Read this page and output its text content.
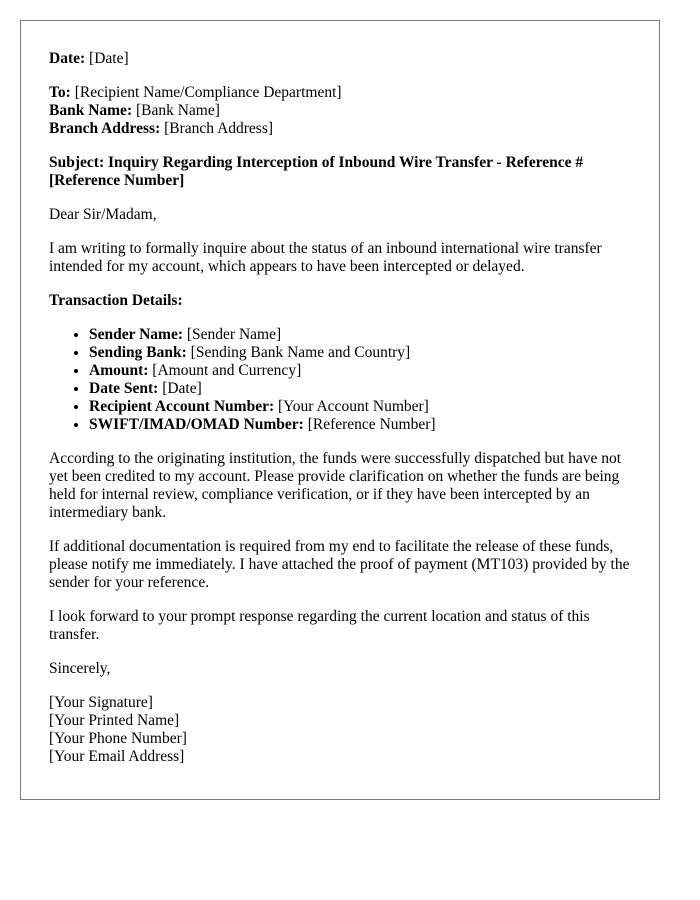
Date: [Date]

To: [Recipient Name/Compliance Department]
Bank Name: [Bank Name]
Branch Address: [Branch Address]

Subject: Inquiry Regarding Interception of Inbound Wire Transfer - Reference # [Reference Number]

Dear Sir/Madam,

I am writing to formally inquire about the status of an inbound international wire transfer intended for my account, which appears to have been intercepted or delayed.

Transaction Details:

• Sender Name: [Sender Name]
• Sending Bank: [Sending Bank Name and Country]
• Amount: [Amount and Currency]
• Date Sent: [Date]
• Recipient Account Number: [Your Account Number]
• SWIFT/IMAD/OMAD Number: [Reference Number]

According to the originating institution, the funds were successfully dispatched but have not yet been credited to my account. Please provide clarification on whether the funds are being held for internal review, compliance verification, or if they have been intercepted by an intermediary bank.

If additional documentation is required from my end to facilitate the release of these funds, please notify me immediately. I have attached the proof of payment (MT103) provided by the sender for your reference.

I look forward to your prompt response regarding the current location and status of this transfer.

Sincerely,

[Your Signature]
[Your Printed Name]
[Your Phone Number]
[Your Email Address]
